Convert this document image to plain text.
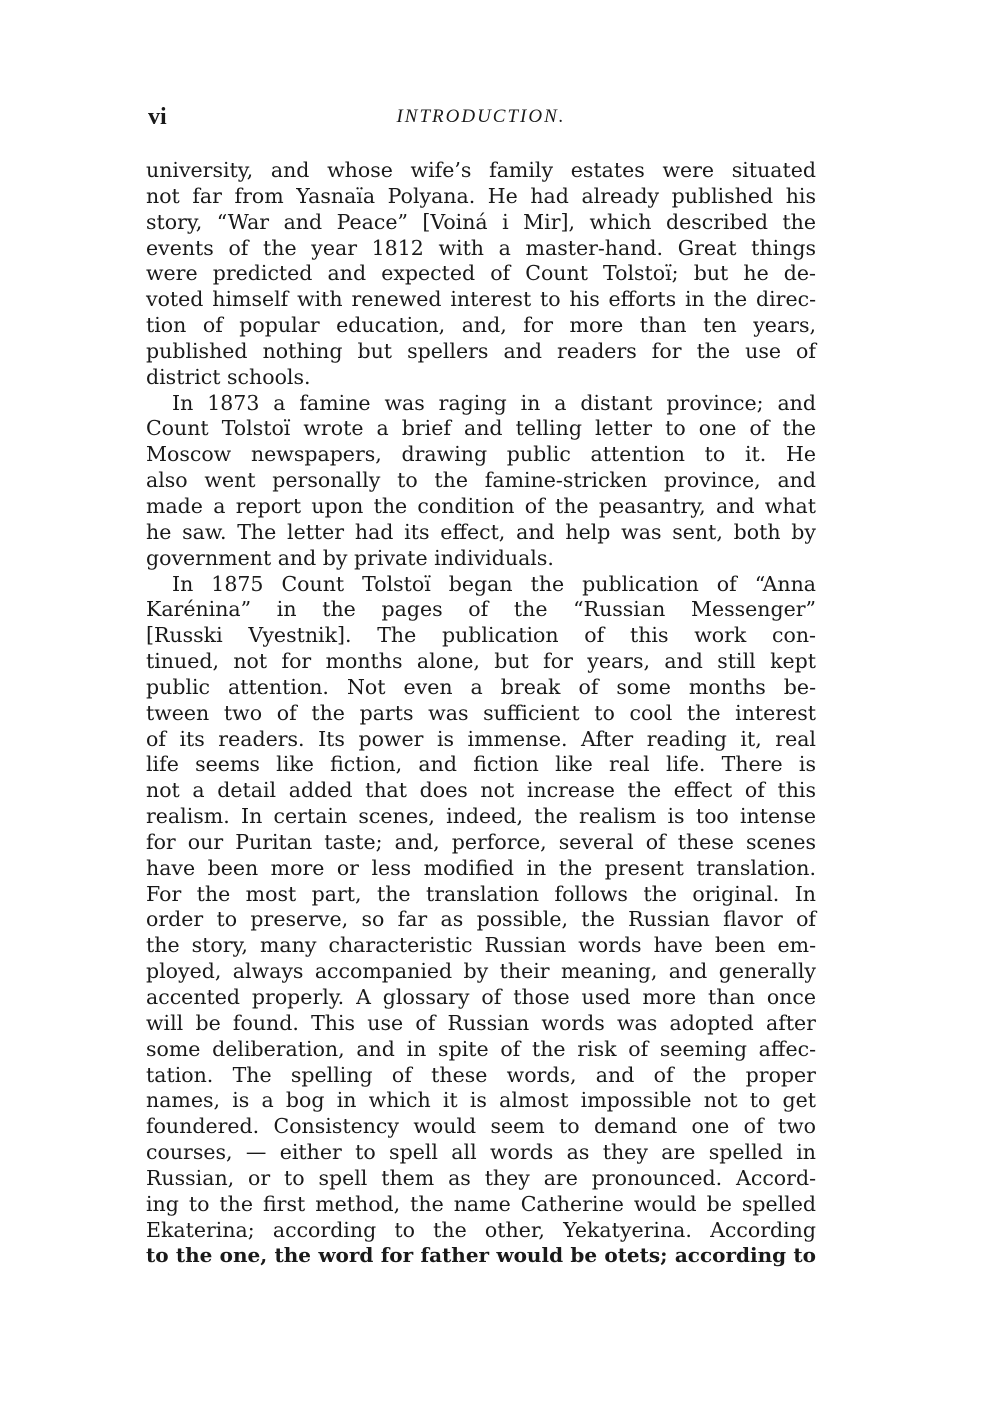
vi	INTRODUCTION.
university, and whose wife’s family estates were situated
not far from Yasnaïa Polyana. He had already published his
story, “War and Peace” [Voiná i Mir], which described the
events of the year 1812 with a master-hand. Great things
were predicted and expected of Count Tolstoï; but he de-
voted himself with renewed interest to his efforts in the direc-
tion of popular education, and, for more than ten years,
published nothing but spellers and readers for the use of
district schools.
In 1873 a famine was raging in a distant province; and
Count Tolstoï wrote a brief and telling letter to one of the
Moscow newspapers, drawing public attention to it. He
also went personally to the famine-stricken province, and
made a report upon the condition of the peasantry, and what
he saw. The letter had its effect, and help was sent, both by
government and by private individuals.
In 1875 Count Tolstoï began the publication of “Anna
Karénina” in the pages of the “Russian Messenger”
[Russki Vyestnik]. The publication of this work con-
tinued, not for months alone, but for years, and still kept
public attention. Not even a break of some months be-
tween two of the parts was sufficient to cool the interest
of its readers. Its power is immense. After reading it, real
life seems like fiction, and fiction like real life. There is
not a detail added that does not increase the effect of this
realism. In certain scenes, indeed, the realism is too intense
for our Puritan taste; and, perforce, several of these scenes
have been more or less modified in the present translation.
For the most part, the translation follows the original. In
order to preserve, so far as possible, the Russian flavor of
the story, many characteristic Russian words have been em-
ployed, always accompanied by their meaning, and generally
accented properly. A glossary of those used more than once
will be found. This use of Russian words was adopted after
some deliberation, and in spite of the risk of seeming affec-
tation. The spelling of these words, and of the proper
names, is a bog in which it is almost impossible not to get
foundered. Consistency would seem to demand one of two
courses, — either to spell all words as they are spelled in
Russian, or to spell them as they are pronounced. Accord-
ing to the first method, the name Catherine would be spelled
Ekaterina; according to the other, Yekatyerina. According
to the one, the word for father would be otets; according to
